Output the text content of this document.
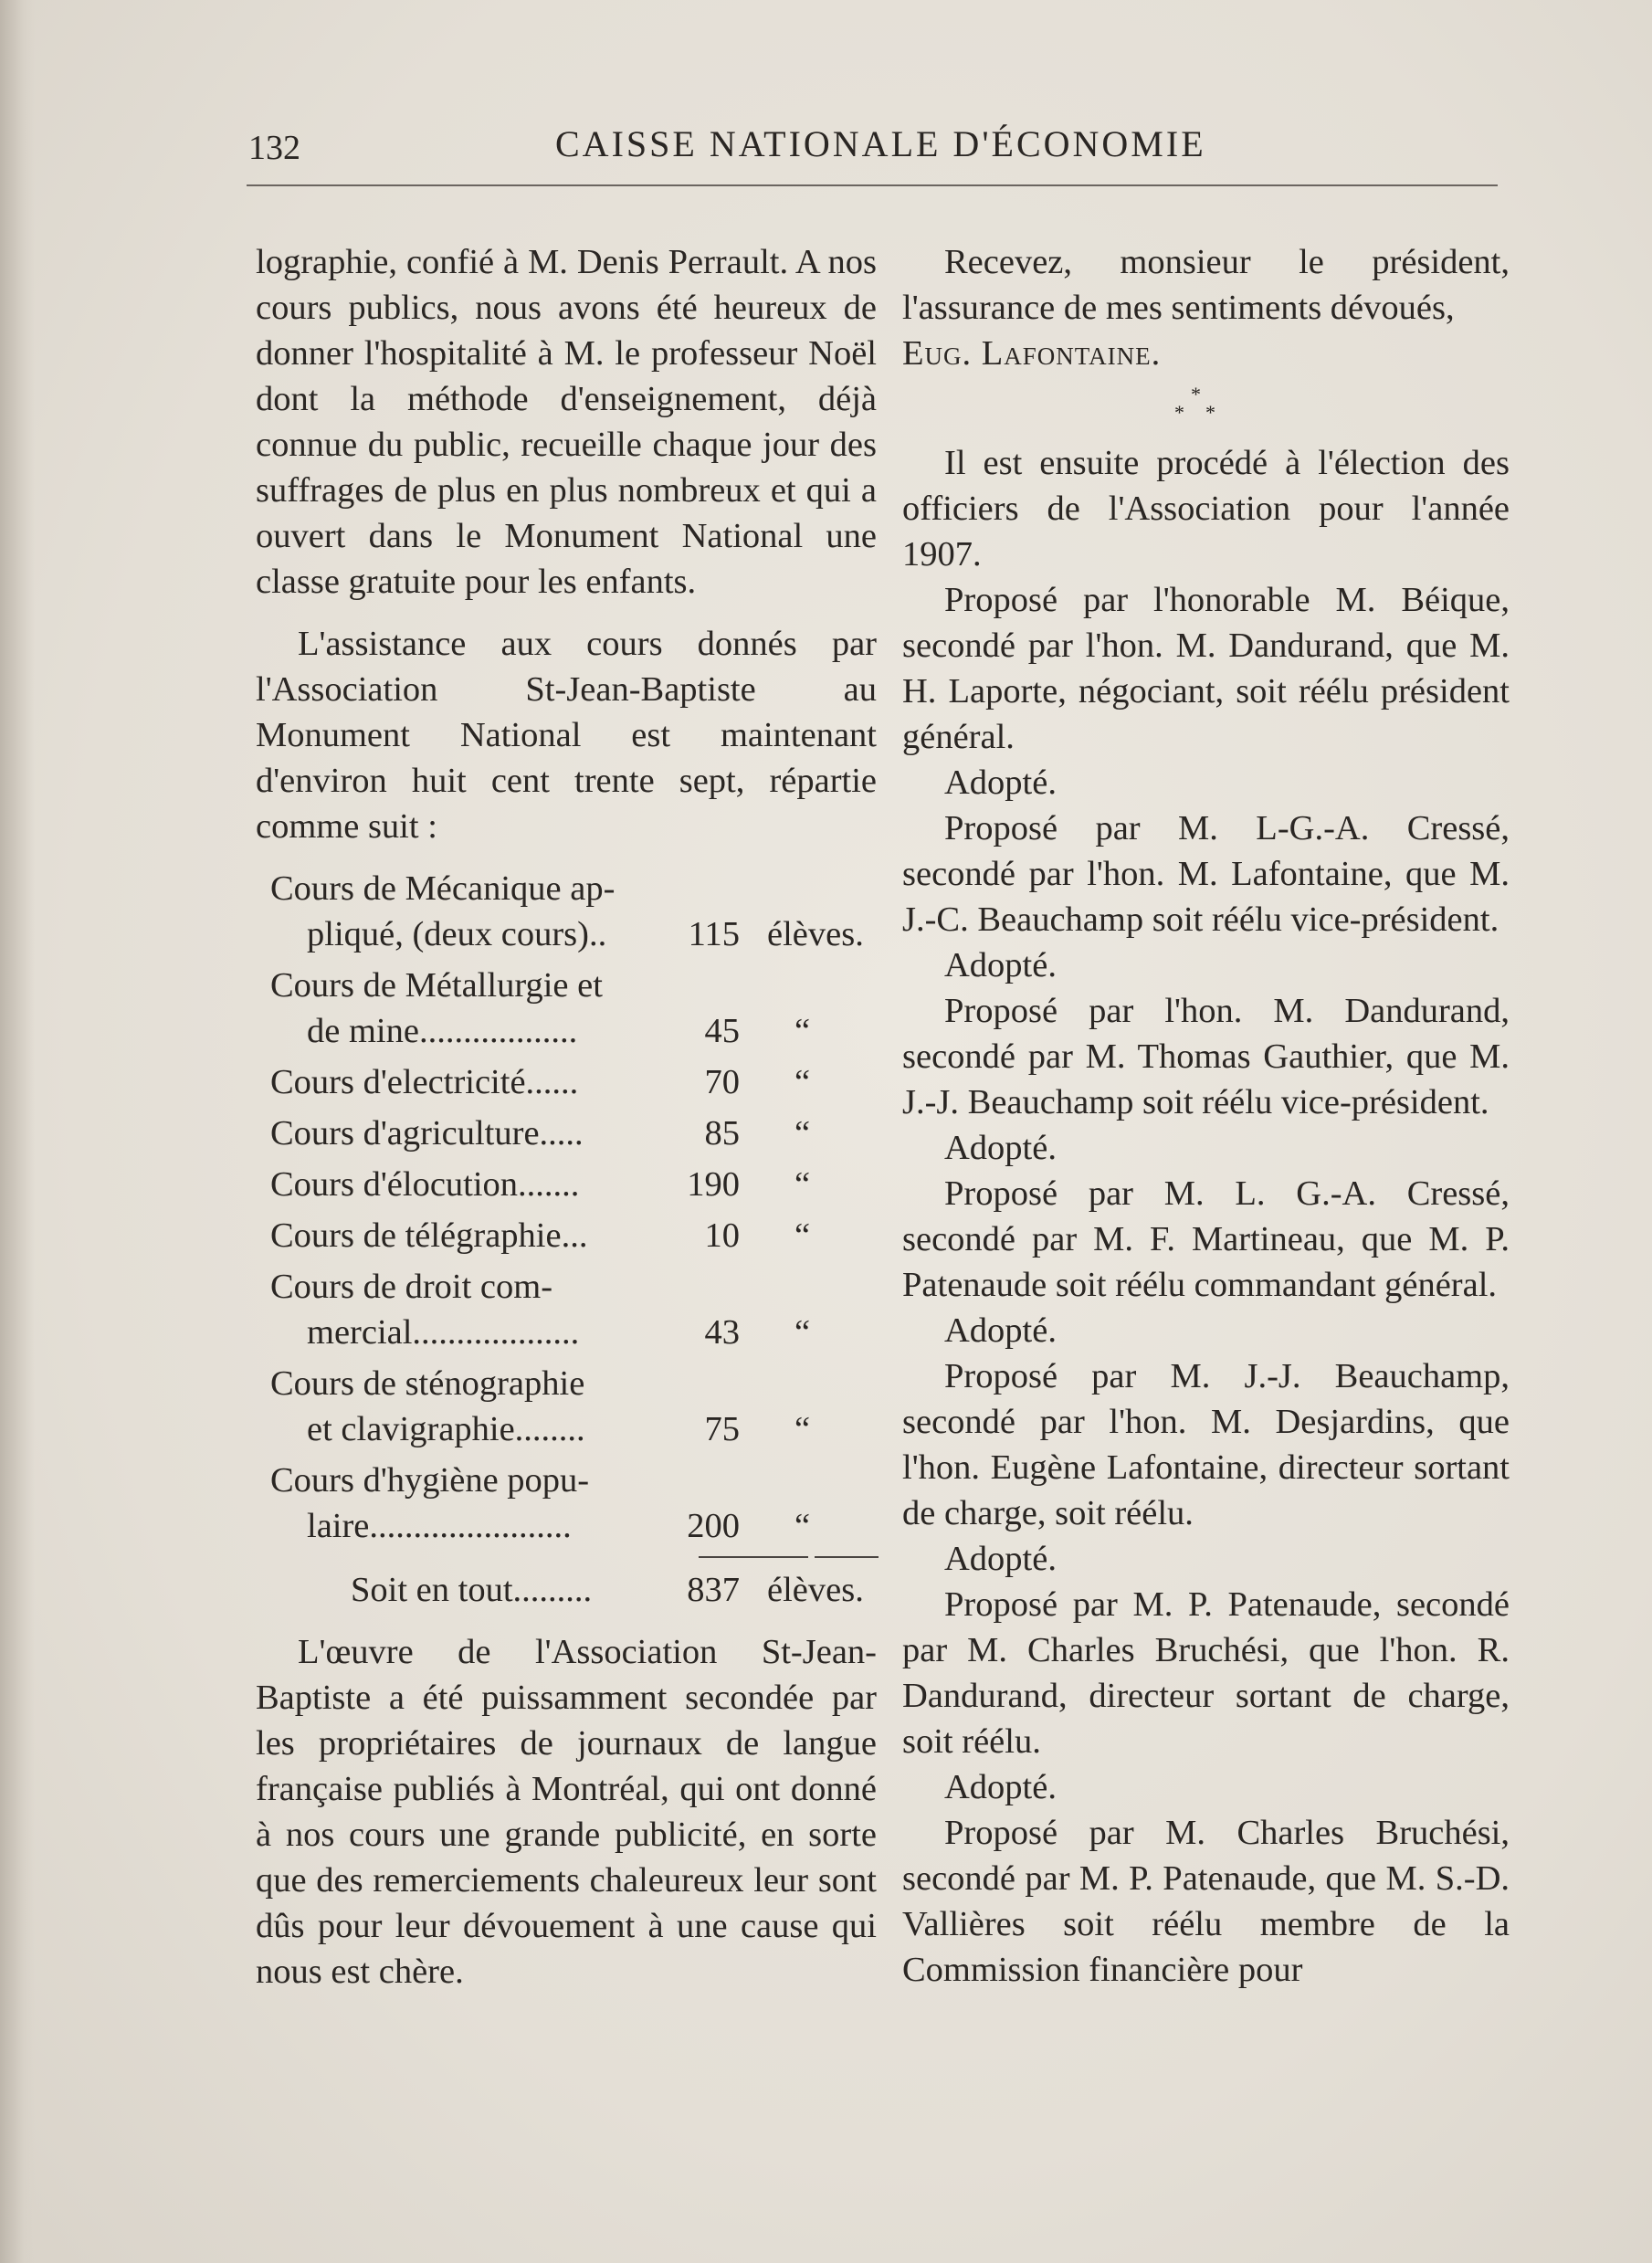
132	CAISSE NATIONALE D'ÉCONOMIE

lographie, confié à M. Denis Perrault. A nos cours publics, nous avons été heureux de donner l'hospitalité à M. le professeur Noël dont la méthode d'enseignement, déjà connue du public, recueille chaque jour des suffrages de plus en plus nombreux et qui a ouvert dans le Monument National une classe gratuite pour les enfants.

L'assistance aux cours donnés par l'Association St-Jean-Baptiste au Monument National est maintenant d'environ huit cent trente sept, répartie comme suit :

Cours de Mécanique ap-
pliqué, (deux cours).. 115 élèves.
Cours de Métallurgie et
de mine..................	45 “
Cours d'electricité......	70 “
Cours d'agriculture.....	85 “
Cours d'élocution.......	190 “
Cours de télégraphie...	10 “
Cours de droit com-
mercial...................	43 “
Cours de sténographie
et clavigraphie........	75 “
Cours d'hygiène popu-
laire.......................	200 “
Soit en tout.........	837 élèves.

L'œuvre de l'Association St-Jean-Baptiste a été puissamment secondée par les propriétaires de journaux de langue française publiés à Montréal, qui ont donné à nos cours une grande publicité, en sorte que des remerciements chaleureux leur sont dûs pour leur dévouement à une cause qui nous est chère.

Recevez, monsieur le président, l'assurance de mes sentiments dévoués,

Eug. Lafontaine.

*
* *

Il est ensuite procédé à l'élection des officiers de l'Association pour l'année 1907.

Proposé par l'honorable M. Béique, secondé par l'hon. M. Dandurand, que M. H. Laporte, négociant, soit réélu président général.

Adopté.

Proposé par M. L-G.-A. Cressé, secondé par l'hon. M. Lafontaine, que M. J.-C. Beauchamp soit réélu vice-président.

Adopté.

Proposé par l'hon. M. Dandurand, secondé par M. Thomas Gauthier, que M. J.-J. Beauchamp soit réélu vice-président.

Adopté.

Proposé par M. L. G.-A. Cressé, secondé par M. F. Martineau, que M. P. Patenaude soit réélu commandant général.

Adopté.

Proposé par M. J.-J. Beauchamp, secondé par l'hon. M. Desjardins, que l'hon. Eugène Lafontaine, directeur sortant de charge, soit réélu.

Adopté.

Proposé par M. P. Patenaude, secondé par M. Charles Bruchési, que l'hon. R. Dandurand, directeur sortant de charge, soit réélu.

Adopté.

Proposé par M. Charles Bruchési, secondé par M. P. Patenaude, que M. S.-D. Vallières soit réélu membre de la Commission financière pour
